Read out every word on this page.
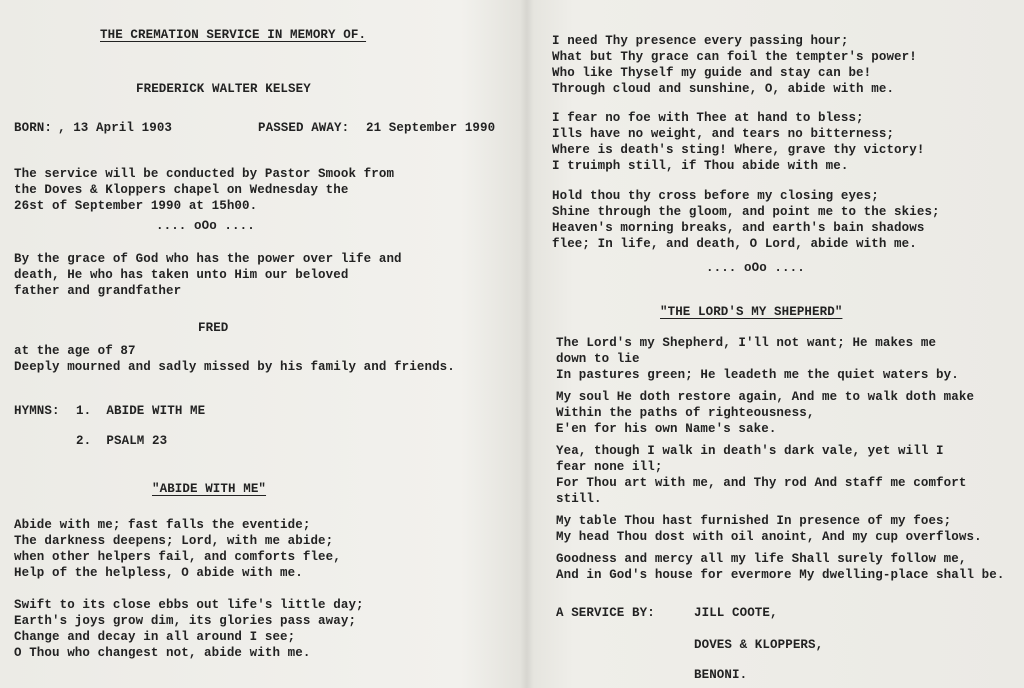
THE CREMATION SERVICE IN MEMORY OF.
FREDERICK WALTER KELSEY
BORN: , 13 April 1903	PASSED AWAY: 21 September 1990
The service will be conducted by Pastor Smook from
the Doves & Kloppers chapel on Wednesday the
26st of September 1990 at 15h00.
.... oOo ....
By the grace of God who has the power over life and
death, He who has taken unto Him our beloved
father and grandfather
FRED
at the age of 87
Deeply mourned and sadly missed by his family and friends.
HYMNS: 1.  ABIDE WITH ME
2.  PSALM 23
"ABIDE WITH ME"
Abide with me; fast falls the eventide;
The darkness deepens; Lord, with me abide;
when other helpers fail, and comforts flee,
Help of the helpless, O abide with me.
Swift to its close ebbs out life's little day;
Earth's joys grow dim, its glories pass away;
Change and decay in all around I see;
O Thou who changest not, abide with me.
I need Thy presence every passing hour;
What but Thy grace can foil the tempter's power!
Who like Thyself my guide and stay can be!
Through cloud and sunshine, O, abide with me.
I fear no foe with Thee at hand to bless;
Ills have no weight, and tears no bitterness;
Where is death's sting! Where, grave thy victory!
I truimph still, if Thou abide with me.
Hold thou thy cross before my closing eyes;
Shine through the gloom, and point me to the skies;
Heaven's morning breaks, and earth's bain shadows
flee; In life, and death, O Lord, abide with me.
.... oOo ....
"THE LORD'S MY SHEPHERD"
The Lord's my Shepherd, I'll not want; He makes me
down to lie
In pastures green; He leadeth me the quiet waters by.
My soul He doth restore again, And me to walk doth make
Within the paths of righteousness,
E'en for his own Name's sake.
Yea, though I walk in death's dark vale, yet will I
fear none ill;
For Thou art with me, and Thy rod And staff me comfort
still.
My table Thou hast furnished In presence of my foes;
My head Thou dost with oil anoint, And my cup overflows.
Goodness and mercy all my life Shall surely follow me,
And in God's house for evermore My dwelling-place shall be.
A SERVICE BY:	JILL COOTE,
DOVES & KLOPPERS,
BENONI.
